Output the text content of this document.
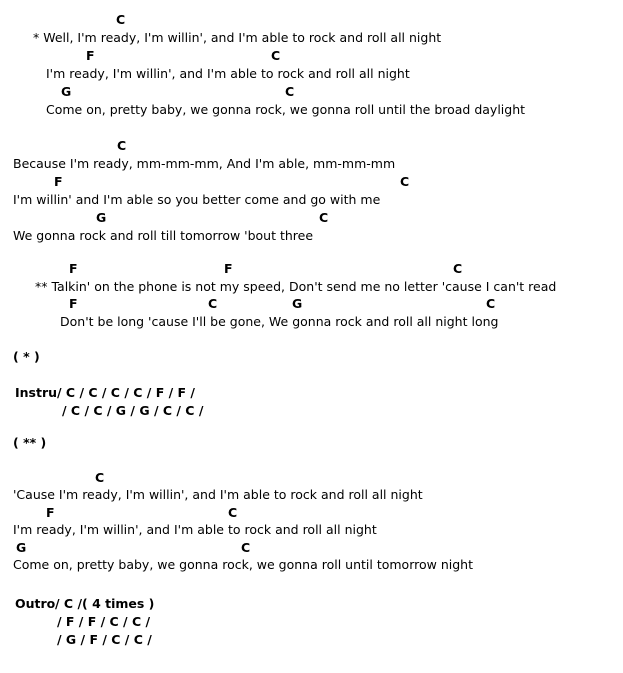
C
* Well, I'm ready, I'm willin', and I'm able to rock and roll all night
F	C
I'm ready, I'm willin', and I'm able to rock and roll all night
G	C
Come on, pretty baby, we gonna rock, we gonna roll until the broad daylight
C
Because I'm ready, mm-mm-mm, And I'm able, mm-mm-mm
F	C
I'm willin' and I'm able so you better come and go with me
G	C
We gonna rock and roll till tomorrow 'bout three
F	F	C
** Talkin' on the phone is not my speed, Don't send me no letter 'cause I can't read
F	C	G	C
Don't be long 'cause I'll be gone, We gonna rock and roll all night long
( * )
Instru / C / C / C / C / F / F /
/ C / C / G / G / C / C /
( ** )
C
'Cause I'm ready, I'm willin', and I'm able to rock and roll all night
F	C
I'm ready, I'm willin', and I'm able to rock and roll all night
G	C
Come on, pretty baby, we gonna rock, we gonna roll until tomorrow night
Outro / C /( 4 times )
/ F / F / C / C /
/ G / F / C / C /
